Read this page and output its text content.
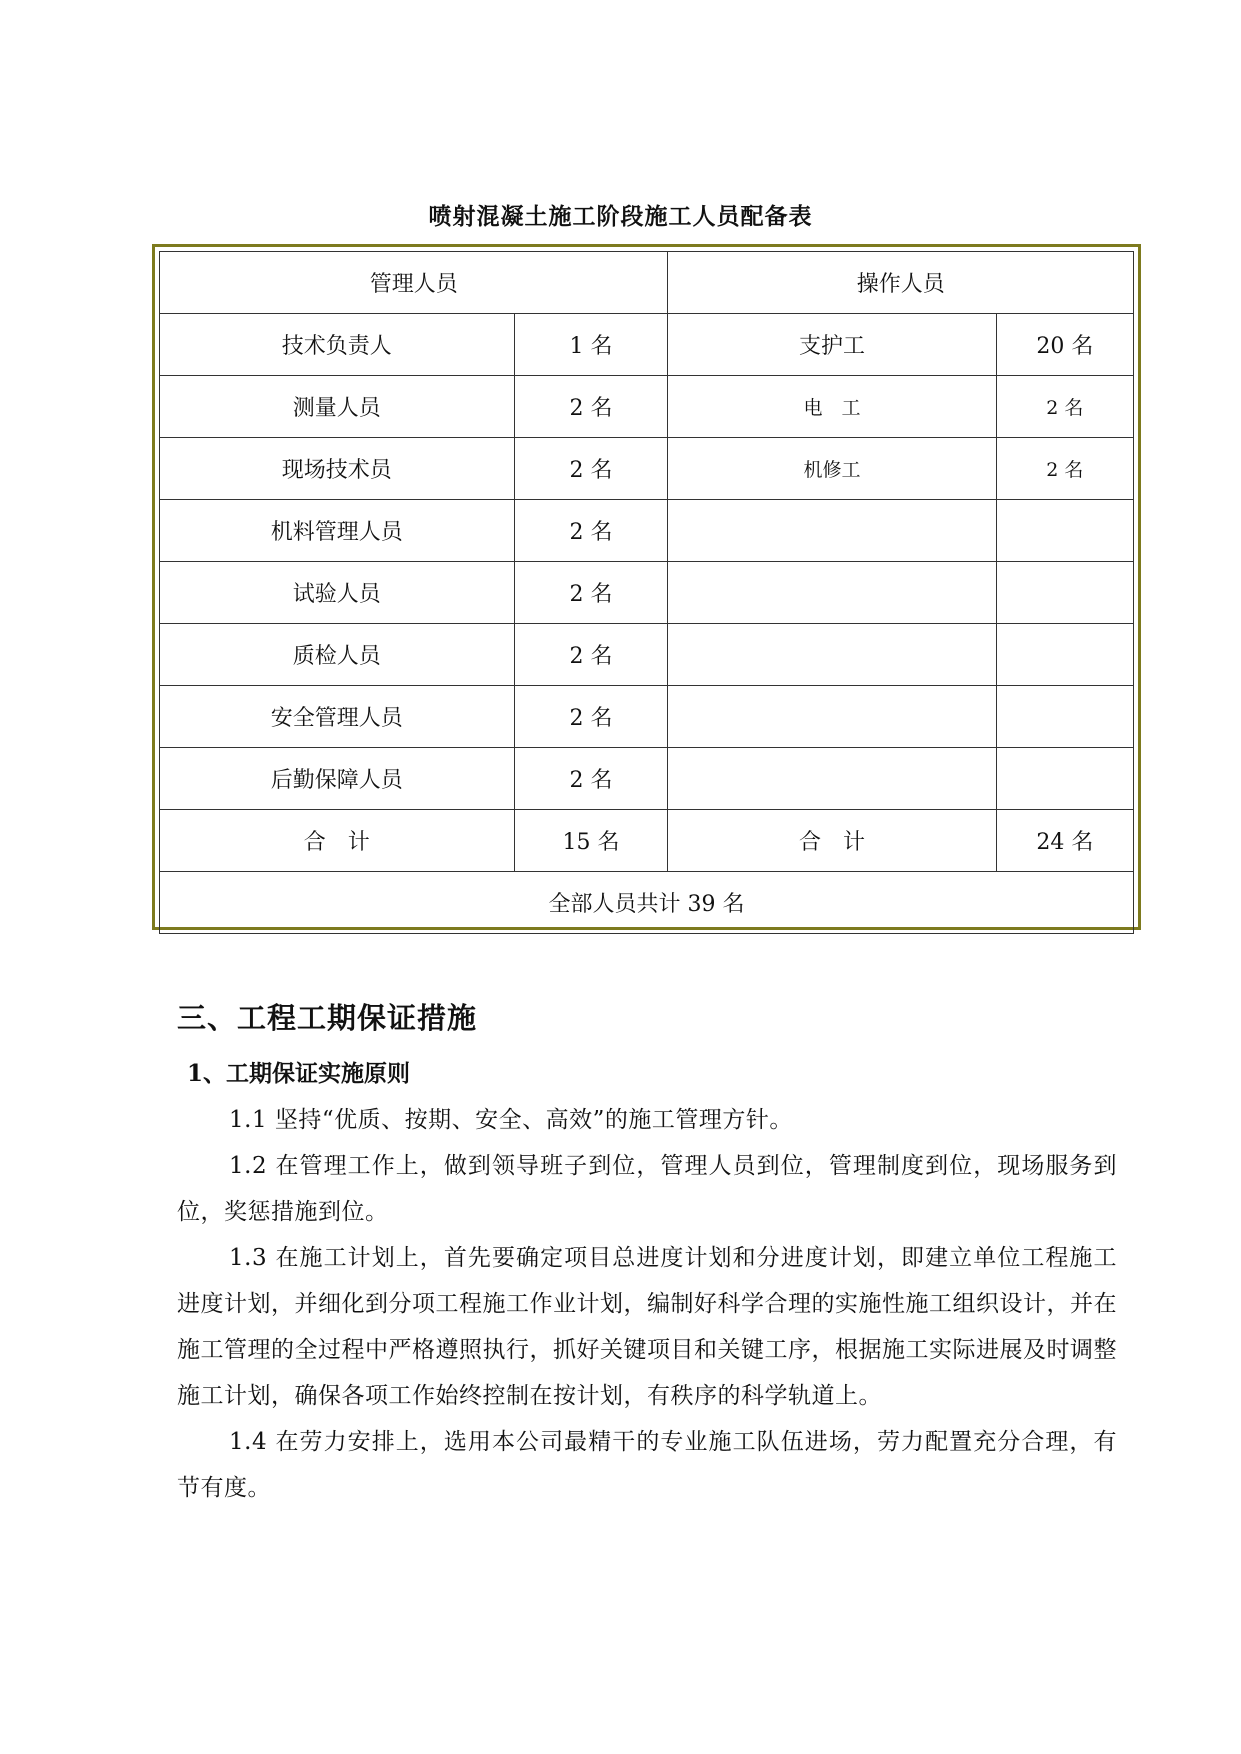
喷射混凝土施工阶段施工人员配备表
管理人员		操作人员	
技术负责人	1 名	支护工	20 名
测量人员	2 名	电　工	2 名
现场技术员	2 名	机修工	2 名
机料管理人员	2 名		
试验人员	2 名		
质检人员	2 名		
安全管理人员	2 名		
后勤保障人员	2 名		
合　计	15 名	合　计	24 名
全部人员共计 39 名			
三、工程工期保证措施
1、工期保证实施原则
1.1 坚持“优质、按期、安全、高效”的施工管理方针。
1.2 在管理工作上，做到领导班子到位，管理人员到位，管理制度到位，现场服务到位，奖惩措施到位。
1.3 在施工计划上，首先要确定项目总进度计划和分进度计划，即建立单位工程施工进度计划，并细化到分项工程施工作业计划，编制好科学合理的实施性施工组织设计，并在施工管理的全过程中严格遵照执行，抓好关键项目和关键工序，根据施工实际进展及时调整施工计划，确保各项工作始终控制在按计划，有秩序的科学轨道上。
1.4 在劳力安排上，选用本公司最精干的专业施工队伍进场，劳力配置充分合理，有节有度。
